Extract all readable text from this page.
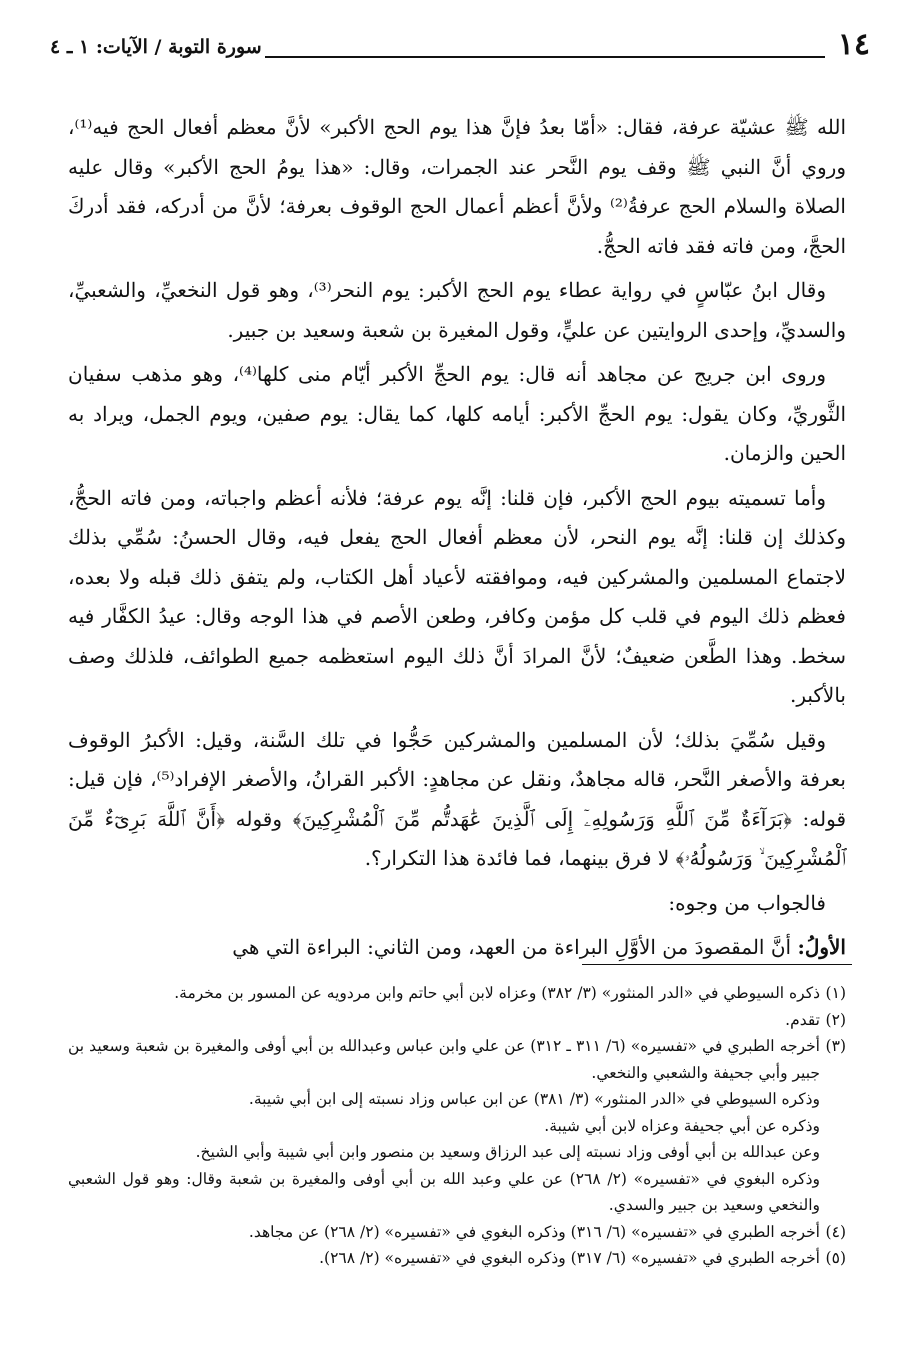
١٤
سورة التوبة / الآيات: ١ ـ ٤

الله ﷺ عشيّة عرفة، فقال: «أمّا بعدُ فإنَّ هذا يوم الحج الأكبر» لأنَّ معظم أفعال الحج فيه⁽¹⁾، وروي أنَّ النبي ﷺ وقف يوم النَّحر عند الجمرات، وقال: «هذا يومُ الحج الأكبر» وقال عليه الصلاة والسلام الحج عرفةُ⁽²⁾ ولأنَّ أعظم أعمال الحج الوقوف بعرفة؛ لأنَّ من أدركه، فقد أدركَ الحجَّ، ومن فاته فقد فاته الحجُّ.

وقال ابنُ عبّاسٍ في رواية عطاء يوم الحج الأكبر: يوم النحر⁽³⁾، وهو قول النخعيِّ، والشعبيِّ، والسديِّ، وإحدى الروايتين عن عليٍّ، وقول المغيرة بن شعبة وسعيد بن جبير.

وروى ابن جريج عن مجاهد أنه قال: يوم الحجِّ الأكبر أيّام منى كلها⁽⁴⁾، وهو مذهب سفيان الثَّوريِّ، وكان يقول: يوم الحجِّ الأكبر: أيامه كلها، كما يقال: يوم صفين، ويوم الجمل، ويراد به الحين والزمان.

وأما تسميته بيوم الحج الأكبر، فإن قلنا: إنَّه يوم عرفة؛ فلأنه أعظم واجباته، ومن فاته الحجُّ، وكذلك إن قلنا: إنَّه يوم النحر، لأن معظم أفعال الحج يفعل فيه، وقال الحسنُ: سُمِّي بذلك لاجتماع المسلمين والمشركين فيه، وموافقته لأعياد أهل الكتاب، ولم يتفق ذلك قبله ولا بعده، فعظم ذلك اليوم في قلب كل مؤمن وكافر، وطعن الأصم في هذا الوجه وقال: عيدُ الكفَّار فيه سخط. وهذا الطَّعن ضعيفٌ؛ لأنَّ المرادَ أنَّ ذلك اليوم استعظمه جميع الطوائف، فلذلك وصف بالأكبر.

وقيل سُمِّيَ بذلك؛ لأن المسلمين والمشركين حَجُّوا في تلك السَّنة، وقيل: الأكبرُ الوقوف بعرفة والأصغر النَّحر، قاله مجاهدٌ، ونقل عن مجاهدٍ: الأكبر القرانُ، والأصغر الإفراد⁽⁵⁾، فإن قيل: قوله: ﴿بَرَآءَةٌ مِّنَ ٱللَّهِ وَرَسُولِهِۦٓ إِلَى ٱلَّذِينَ عَٰهَدتُّم مِّنَ ٱلْمُشْرِكِينَ﴾ وقوله ﴿أَنَّ ٱللَّهَ بَرِىٓءٌ مِّنَ ٱلْمُشْرِكِينَ ۙ وَرَسُولُهُۥ﴾ لا فرق بينهما، فما فائدة هذا التكرار؟.

فالجواب من وجوه:

الأولُ: أنَّ المقصودَ من الأوَّلِ البراءة من العهد، ومن الثاني: البراءة التي هي

(١)
ذكره السيوطي في «الدر المنثور» (٣/ ٣٨٢) وعزاه لابن أبي حاتم وابن مردويه عن المسور بن مخرمة.

(٢)
تقدم.

(٣)
أخرجه الطبري في «تفسيره» (٦/ ٣١١ ـ ٣١٢) عن علي وابن عباس وعبدالله بن أبي أوفى والمغيرة بن شعبة وسعيد بن جبير وأبي جحيفة والشعبي والنخعي.

وذكره السيوطي في «الدر المنثور» (٣/ ٣٨١) عن ابن عباس وزاد نسبته إلى ابن أبي شيبة.

وذكره عن أبي جحيفة وعزاه لابن أبي شيبة.

وعن عبدالله بن أبي أوفى وزاد نسبته إلى عبد الرزاق وسعيد بن منصور وابن أبي شيبة وأبي الشيخ.

وذكره البغوي في «تفسيره» (٢/ ٢٦٨) عن علي وعبد الله بن أبي أوفى والمغيرة بن شعبة وقال: وهو قول الشعبي والنخعي وسعيد بن جبير والسدي.

(٤)
أخرجه الطبري في «تفسيره» (٦/ ٣١٦) وذكره البغوي في «تفسيره» (٢/ ٢٦٨) عن مجاهد.

(٥)
أخرجه الطبري في «تفسيره» (٦/ ٣١٧) وذكره البغوي في «تفسيره» (٢/ ٢٦٨).
